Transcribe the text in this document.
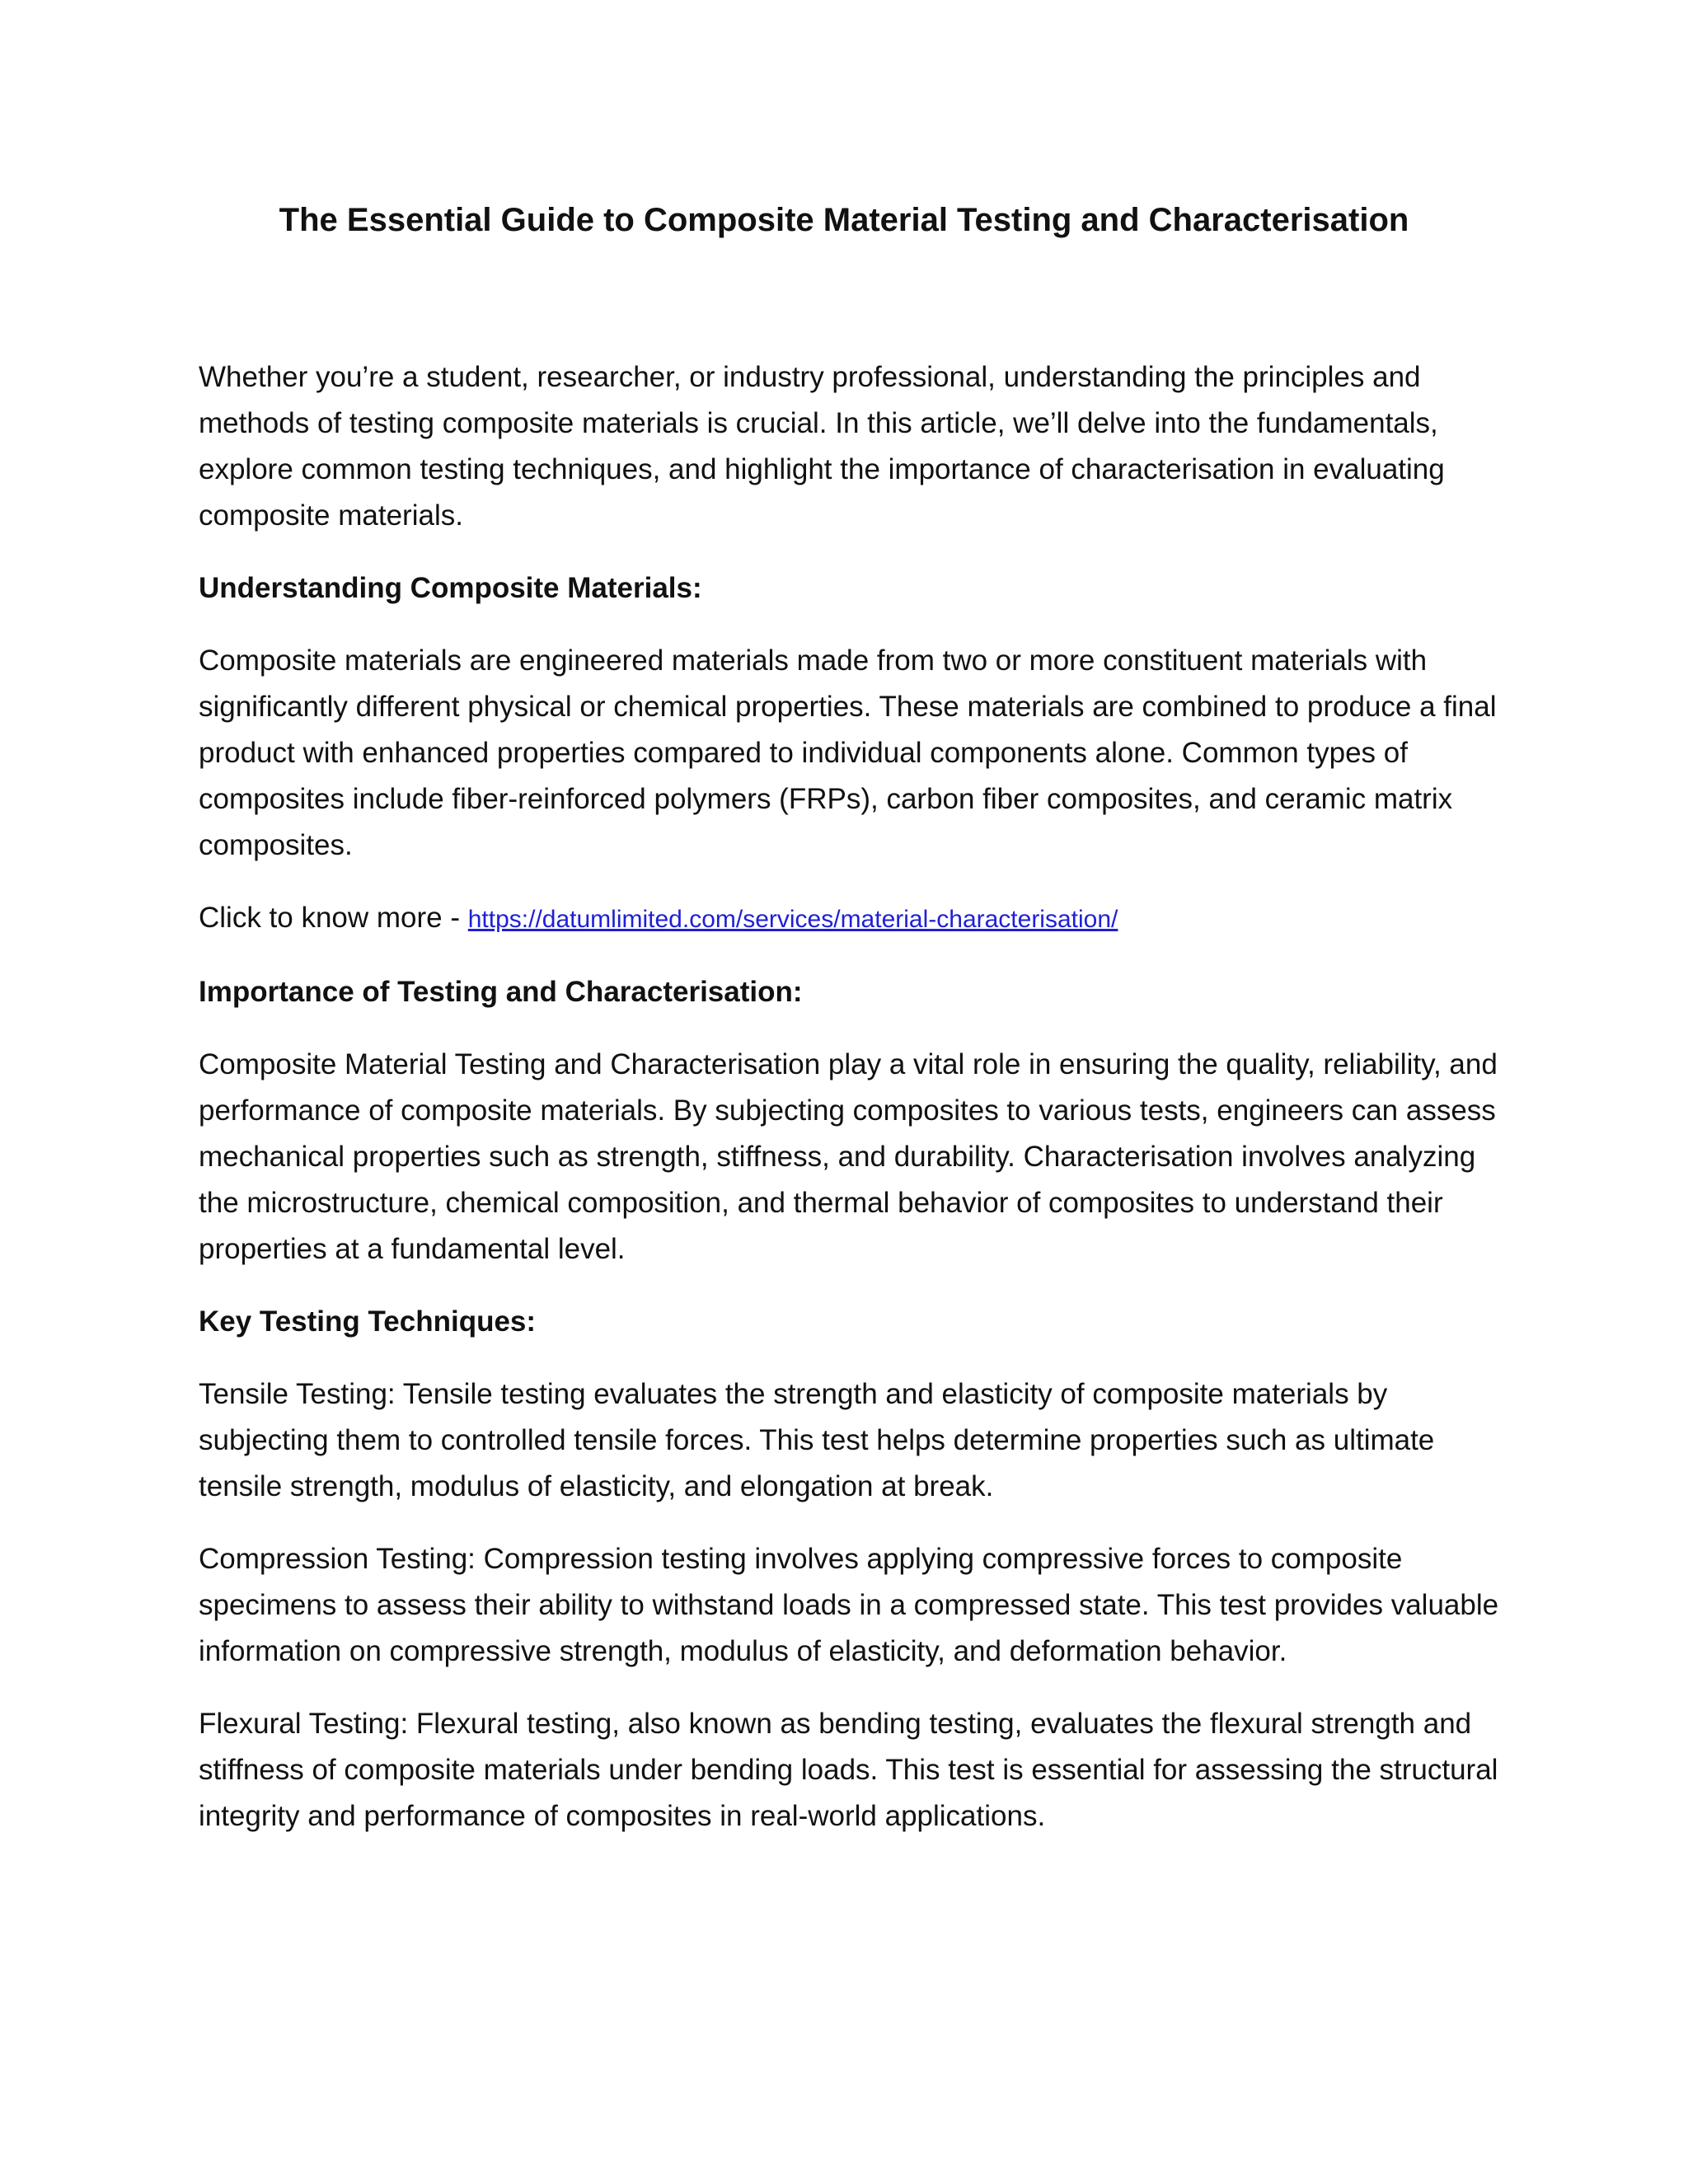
The Essential Guide to Composite Material Testing and Characterisation

Whether you’re a student, researcher, or industry professional, understanding the principles and methods of testing composite materials is crucial. In this article, we’ll delve into the fundamentals, explore common testing techniques, and highlight the importance of characterisation in evaluating composite materials.

Understanding Composite Materials:

Composite materials are engineered materials made from two or more constituent materials with significantly different physical or chemical properties. These materials are combined to produce a final product with enhanced properties compared to individual components alone. Common types of composites include fiber-reinforced polymers (FRPs), carbon fiber composites, and ceramic matrix composites.

Click to know more - https://datumlimited.com/services/material-characterisation/

Importance of Testing and Characterisation:

Composite Material Testing and Characterisation play a vital role in ensuring the quality, reliability, and performance of composite materials. By subjecting composites to various tests, engineers can assess mechanical properties such as strength, stiffness, and durability. Characterisation involves analyzing the microstructure, chemical composition, and thermal behavior of composites to understand their properties at a fundamental level.

Key Testing Techniques:

Tensile Testing: Tensile testing evaluates the strength and elasticity of composite materials by subjecting them to controlled tensile forces. This test helps determine properties such as ultimate tensile strength, modulus of elasticity, and elongation at break.

Compression Testing: Compression testing involves applying compressive forces to composite specimens to assess their ability to withstand loads in a compressed state. This test provides valuable information on compressive strength, modulus of elasticity, and deformation behavior.

Flexural Testing: Flexural testing, also known as bending testing, evaluates the flexural strength and stiffness of composite materials under bending loads. This test is essential for assessing the structural integrity and performance of composites in real-world applications.
